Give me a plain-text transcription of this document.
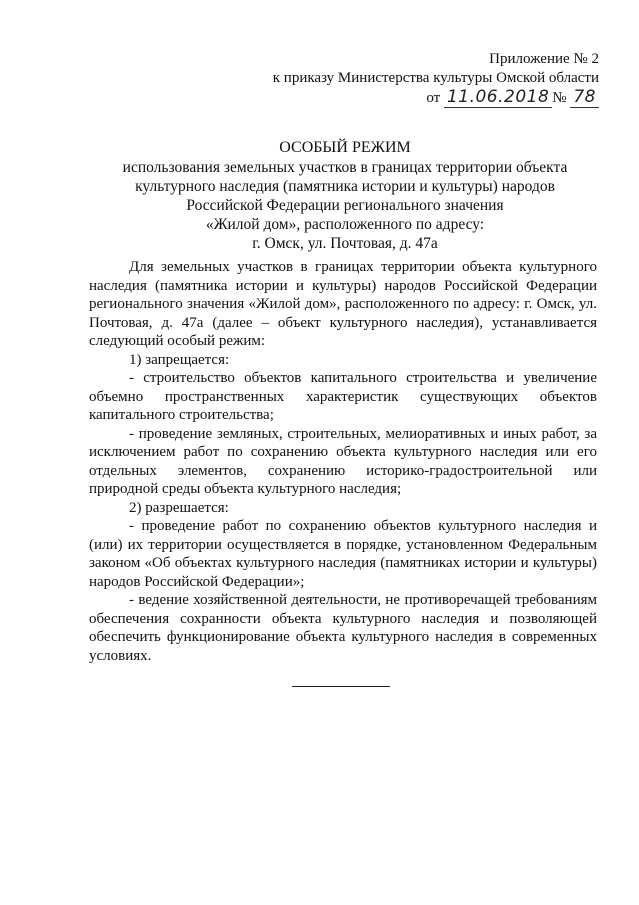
Приложение № 2
к приказу Министерства культуры Омской области
от 11.06.2018 № 78
ОСОБЫЙ РЕЖИМ
использования земельных участков в границах территории объекта
культурного наследия (памятника истории и культуры) народов
Российской Федерации регионального значения
«Жилой дом», расположенного по адресу:
г. Омск, ул. Почтовая, д. 47а
Для земельных участков в границах территории объекта культурного наследия (памятника истории и культуры) народов Российской Федерации регионального значения «Жилой дом», расположенного по адресу: г. Омск, ул. Почтовая, д. 47а (далее – объект культурного наследия), устанавливается следующий особый режим:
1) запрещается:
- строительство объектов капитального строительства и увеличение объемно пространственных характеристик существующих объектов капитального строительства;
- проведение земляных, строительных, мелиоративных и иных работ, за исключением работ по сохранению объекта культурного наследия или его отдельных элементов, сохранению историко-градостроительной или природной среды объекта культурного наследия;
2) разрешается:
- проведение работ по сохранению объектов культурного наследия и (или) их территории осуществляется в порядке, установленном Федеральным законом «Об объектах культурного наследия (памятниках истории и культуры) народов Российской Федерации»;
- ведение хозяйственной деятельности, не противоречащей требованиям обеспечения сохранности объекта культурного наследия и позволяющей обеспечить функционирование объекта культурного наследия в современных условиях.
